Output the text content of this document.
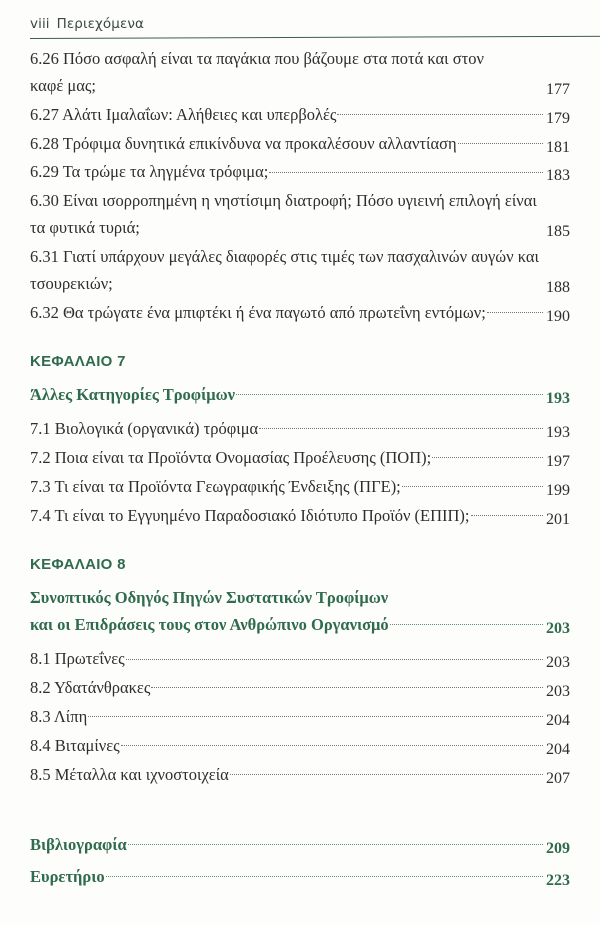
viii Περιεχόμενα
6.26 Πόσο ασφαλή είναι τα παγάκια που βάζουμε στα ποτά και στον
καφέ μας;	177
6.27 Αλάτι Ιμαλαΐων: Αλήθειες και υπερβολές	179
6.28 Τρόφιμα δυνητικά επικίνδυνα να προκαλέσουν αλλαντίαση	181
6.29 Τα τρώμε τα ληγμένα τρόφιμα;	183
6.30 Είναι ισορροπημένη η νηστίσιμη διατροφή; Πόσο υγιεινή επιλογή είναι
τα φυτικά τυριά;	185
6.31 Γιατί υπάρχουν μεγάλες διαφορές στις τιμές των πασχαλινών αυγών και
τσουρεκιών;	188
6.32 Θα τρώγατε ένα μπιφτέκι ή ένα παγωτό από πρωτεΐνη εντόμων;	190
ΚΕΦΑΛΑΙΟ 7
Άλλες Κατηγορίες Τροφίμων	193
7.1 Βιολογικά (οργανικά) τρόφιμα	193
7.2 Ποια είναι τα Προϊόντα Ονομασίας Προέλευσης (ΠΟΠ);	197
7.3 Τι είναι τα Προϊόντα Γεωγραφικής Ένδειξης (ΠΓΕ);	199
7.4 Τι είναι το Εγγυημένο Παραδοσιακό Ιδιότυπο Προϊόν (ΕΠΙΠ);	201
ΚΕΦΑΛΑΙΟ 8
Συνοπτικός Οδηγός Πηγών Συστατικών Τροφίμων
και οι Επιδράσεις τους στον Ανθρώπινο Οργανισμό	203
8.1 Πρωτεΐνες	203
8.2 Υδατάνθρακες	203
8.3 Λίπη	204
8.4 Βιταμίνες	204
8.5 Μέταλλα και ιχνοστοιχεία	207
Βιβλιογραφία	209
Ευρετήριο	223
